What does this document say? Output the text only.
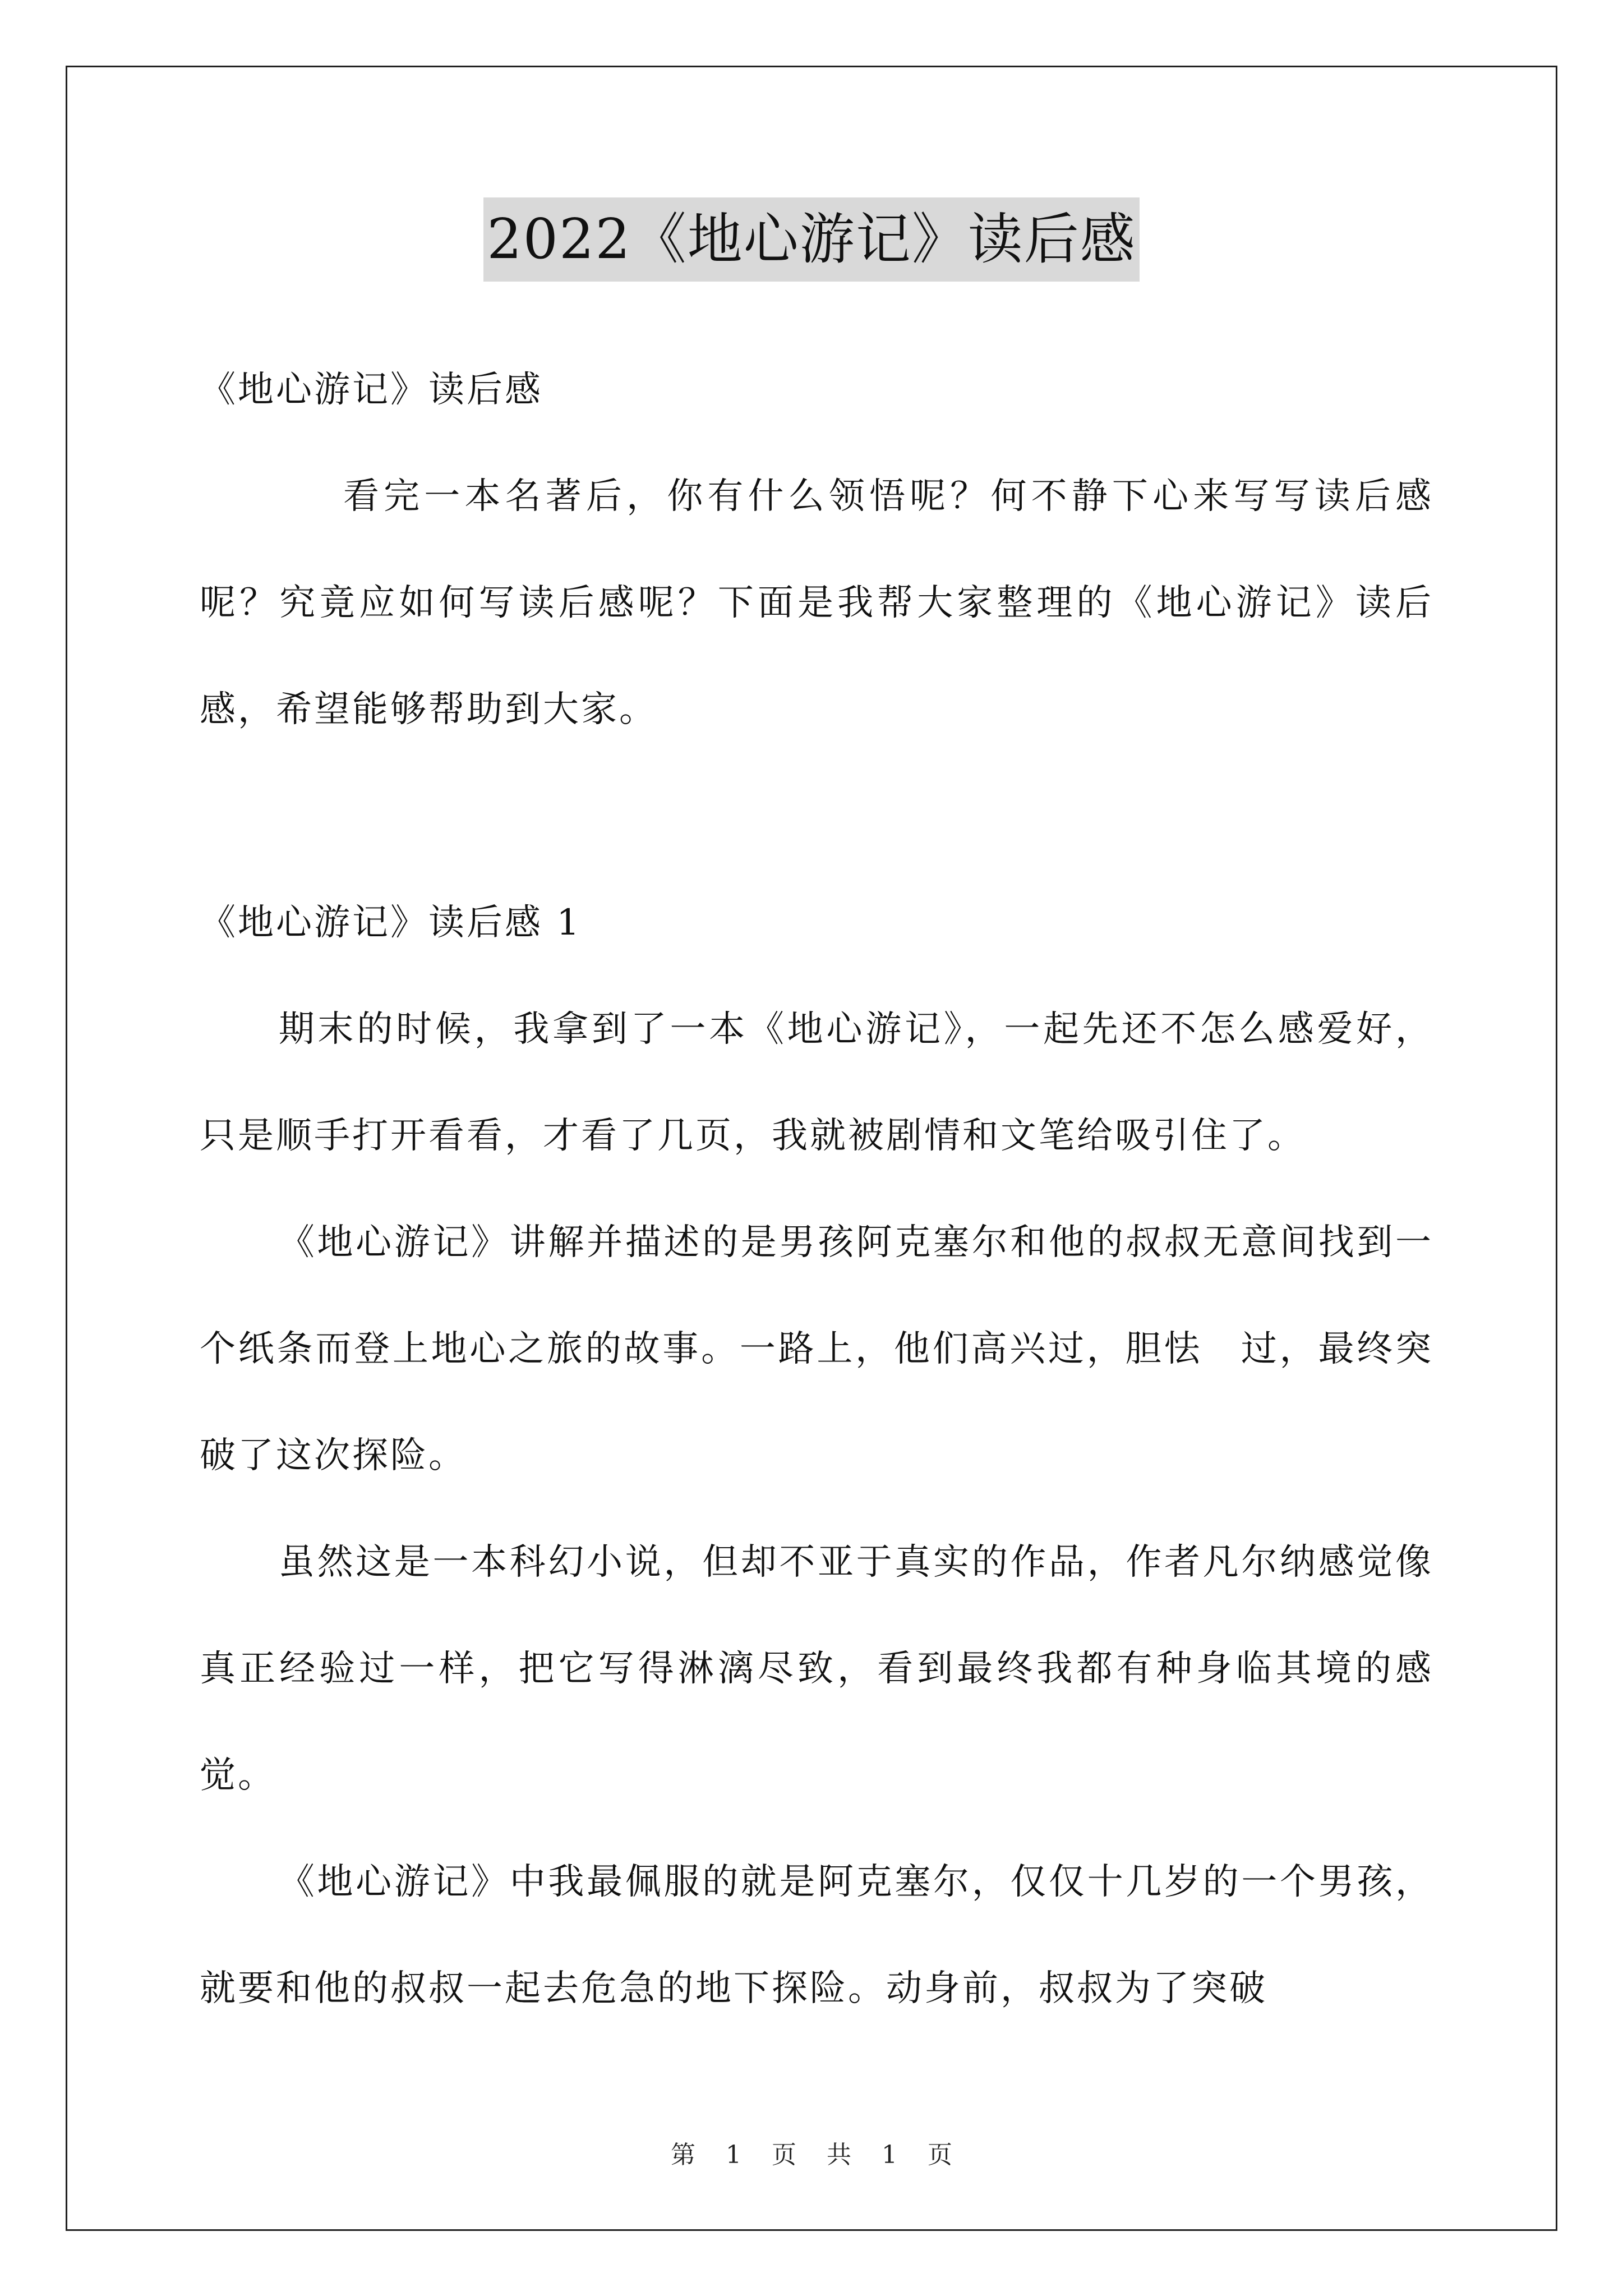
2022《地心游记》读后感

《地心游记》读后感

看完一本名著后，你有什么领悟呢？何不静下心来写写读后感呢？究竟应如何写读后感呢？下面是我帮大家整理的《地心游记》读后感，希望能够帮助到大家。

《地心游记》读后感 1

期末的时候，我拿到了一本《地心游记》，一起先还不怎么感爱好，只是顺手打开看看，才看了几页，我就被剧情和文笔给吸引住了。

《地心游记》讲解并描述的是男孩阿克塞尔和他的叔叔无意间找到一个纸条而登上地心之旅的故事。一路上，他们高兴过，胆怯　过，最终突破了这次探险。

虽然这是一本科幻小说，但却不亚于真实的作品，作者凡尔纳感觉像真正经验过一样，把它写得淋漓尽致，看到最终我都有种身临其境的感觉。

《地心游记》中我最佩服的就是阿克塞尔，仅仅十几岁的一个男孩，就要和他的叔叔一起去危急的地下探险。动身前，叔叔为了突破

第 1 页 共 1 页
